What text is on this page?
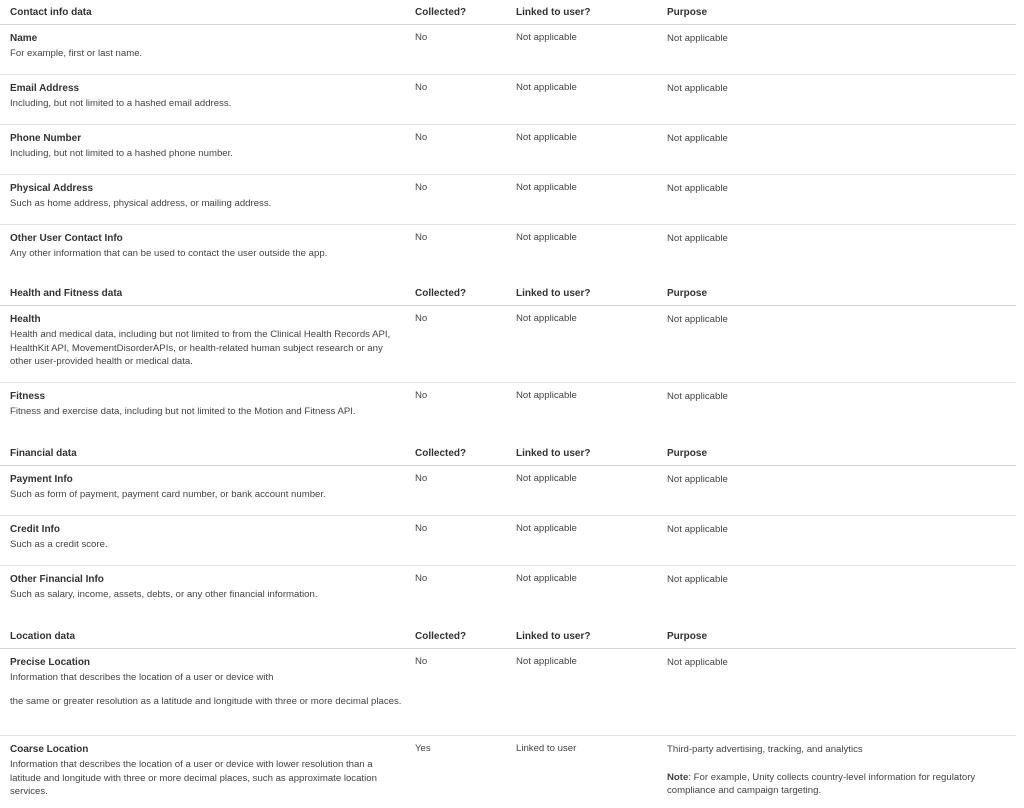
Contact info data	Collected?	Linked to user?	Purpose
Name

For example, first or last name.

No	Not applicable	Not applicable

Email Address

Including, but not limited to a hashed email address.

No	Not applicable	Not applicable

Phone Number

Including, but not limited to a hashed phone number.

No	Not applicable	Not applicable

Physical Address

Such as home address, physical address, or mailing address.

No	Not applicable	Not applicable

Other User Contact Info

Any other information that can be used to contact the user outside the app.

No	Not applicable	Not applicable

Health and Fitness data	Collected?	Linked to user?	Purpose
Health

Health and medical data, including but not limited to from the Clinical Health Records API, HealthKit API, MovementDisorderAPIs, or health-related human subject research or any other user-provided health or medical data.

No	Not applicable	Not applicable

Fitness

Fitness and exercise data, including but not limited to the Motion and Fitness API.

No	Not applicable	Not applicable

Financial data	Collected?	Linked to user?	Purpose
Payment Info

Such as form of payment, payment card number, or bank account number.

No	Not applicable	Not applicable

Credit Info

Such as a credit score.

No	Not applicable	Not applicable

Other Financial Info

Such as salary, income, assets, debts, or any other financial information.

No	Not applicable	Not applicable

Location data	Collected?	Linked to user?	Purpose
Precise Location

Information that describes the location of a user or device with

the same or greater resolution as a latitude and longitude with three or more decimal places.

No	Not applicable	Not applicable

Coarse Location

Information that describes the location of a user or device with lower resolution than a latitude and longitude with three or more decimal places, such as approximate location services.

Yes	Linked to user	Third-party advertising, tracking, and analytics

Note: For example, Unity collects country-level information for regulatory compliance and campaign targeting.
